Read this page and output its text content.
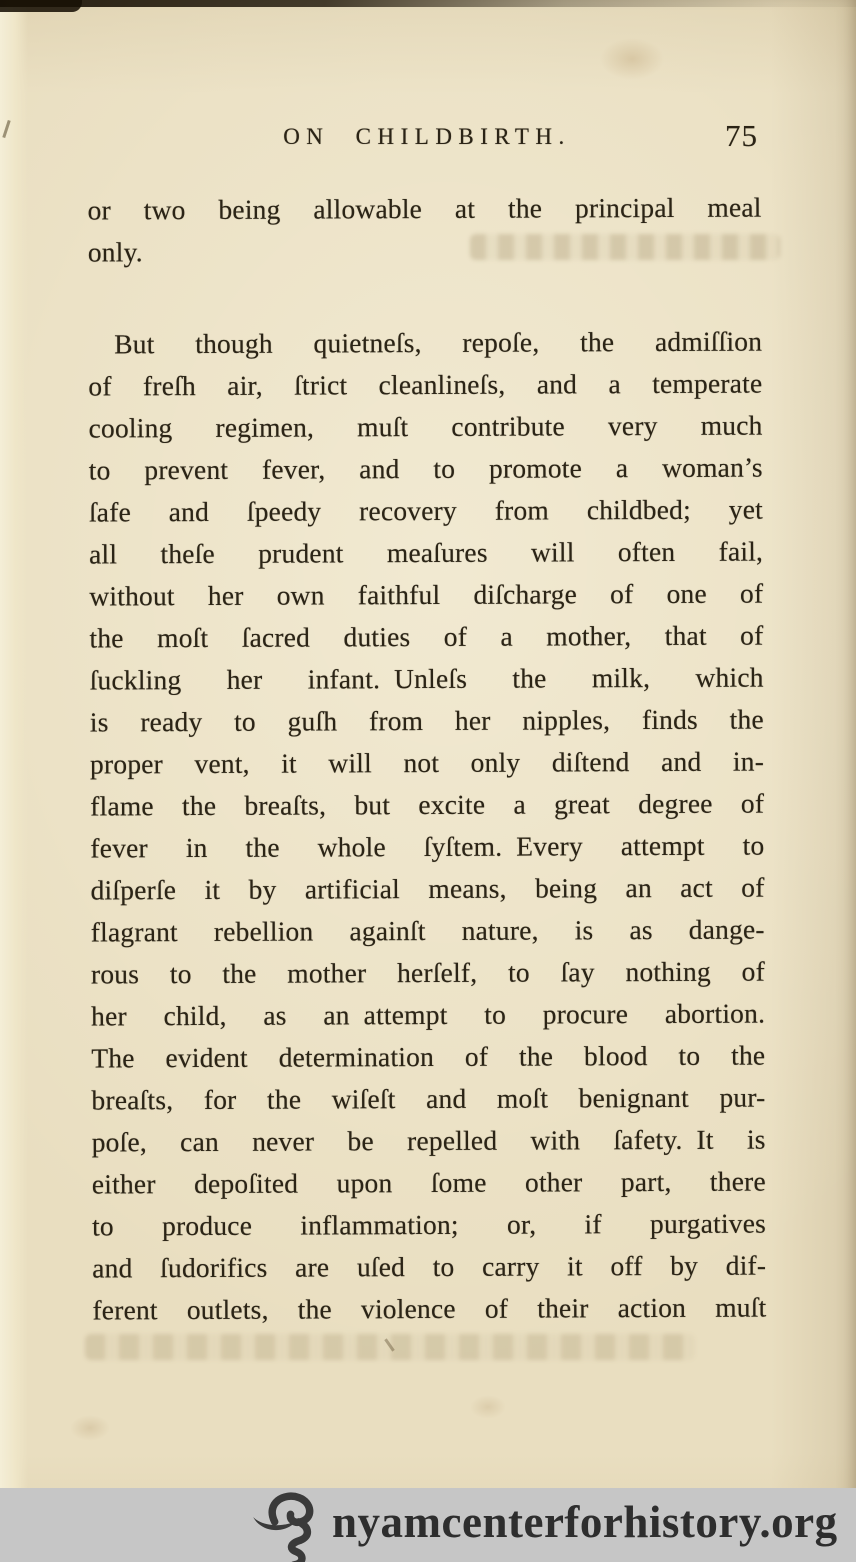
ON CHILDBIRTH.	75
or two being allowable at the principal meal
only.
But though quietneſs, repoſe, the admiſſion
of freſh air, ſtrict cleanlineſs, and a temperate
cooling regimen, muſt contribute very much
to prevent fever, and to promote a woman’s
ſafe and ſpeedy recovery from childbed; yet
all theſe prudent meaſures will often fail,
without her own faithful diſcharge of one of
the moſt ſacred duties of a mother, that of
ſuckling her infant. Unleſs the milk, which
is ready to guſh from her nipples, finds the
proper vent, it will not only diſtend and in-
flame the breaſts, but excite a great degree of
fever in the whole ſyſtem. Every attempt to
diſperſe it by artificial means, being an act of
flagrant rebellion againſt nature, is as dange-
rous to the mother herſelf, to ſay nothing of
her child, as an attempt to procure abortion.
The evident determination of the blood to the
breaſts, for the wiſeſt and moſt benignant pur-
poſe, can never be repelled with ſafety. It is
either depoſited upon ſome other part, there
to produce inflammation; or, if purgatives
and ſudorifics are uſed to carry it off by dif-
ferent outlets, the violence of their action muſt
nyamcenterforhistory.org
